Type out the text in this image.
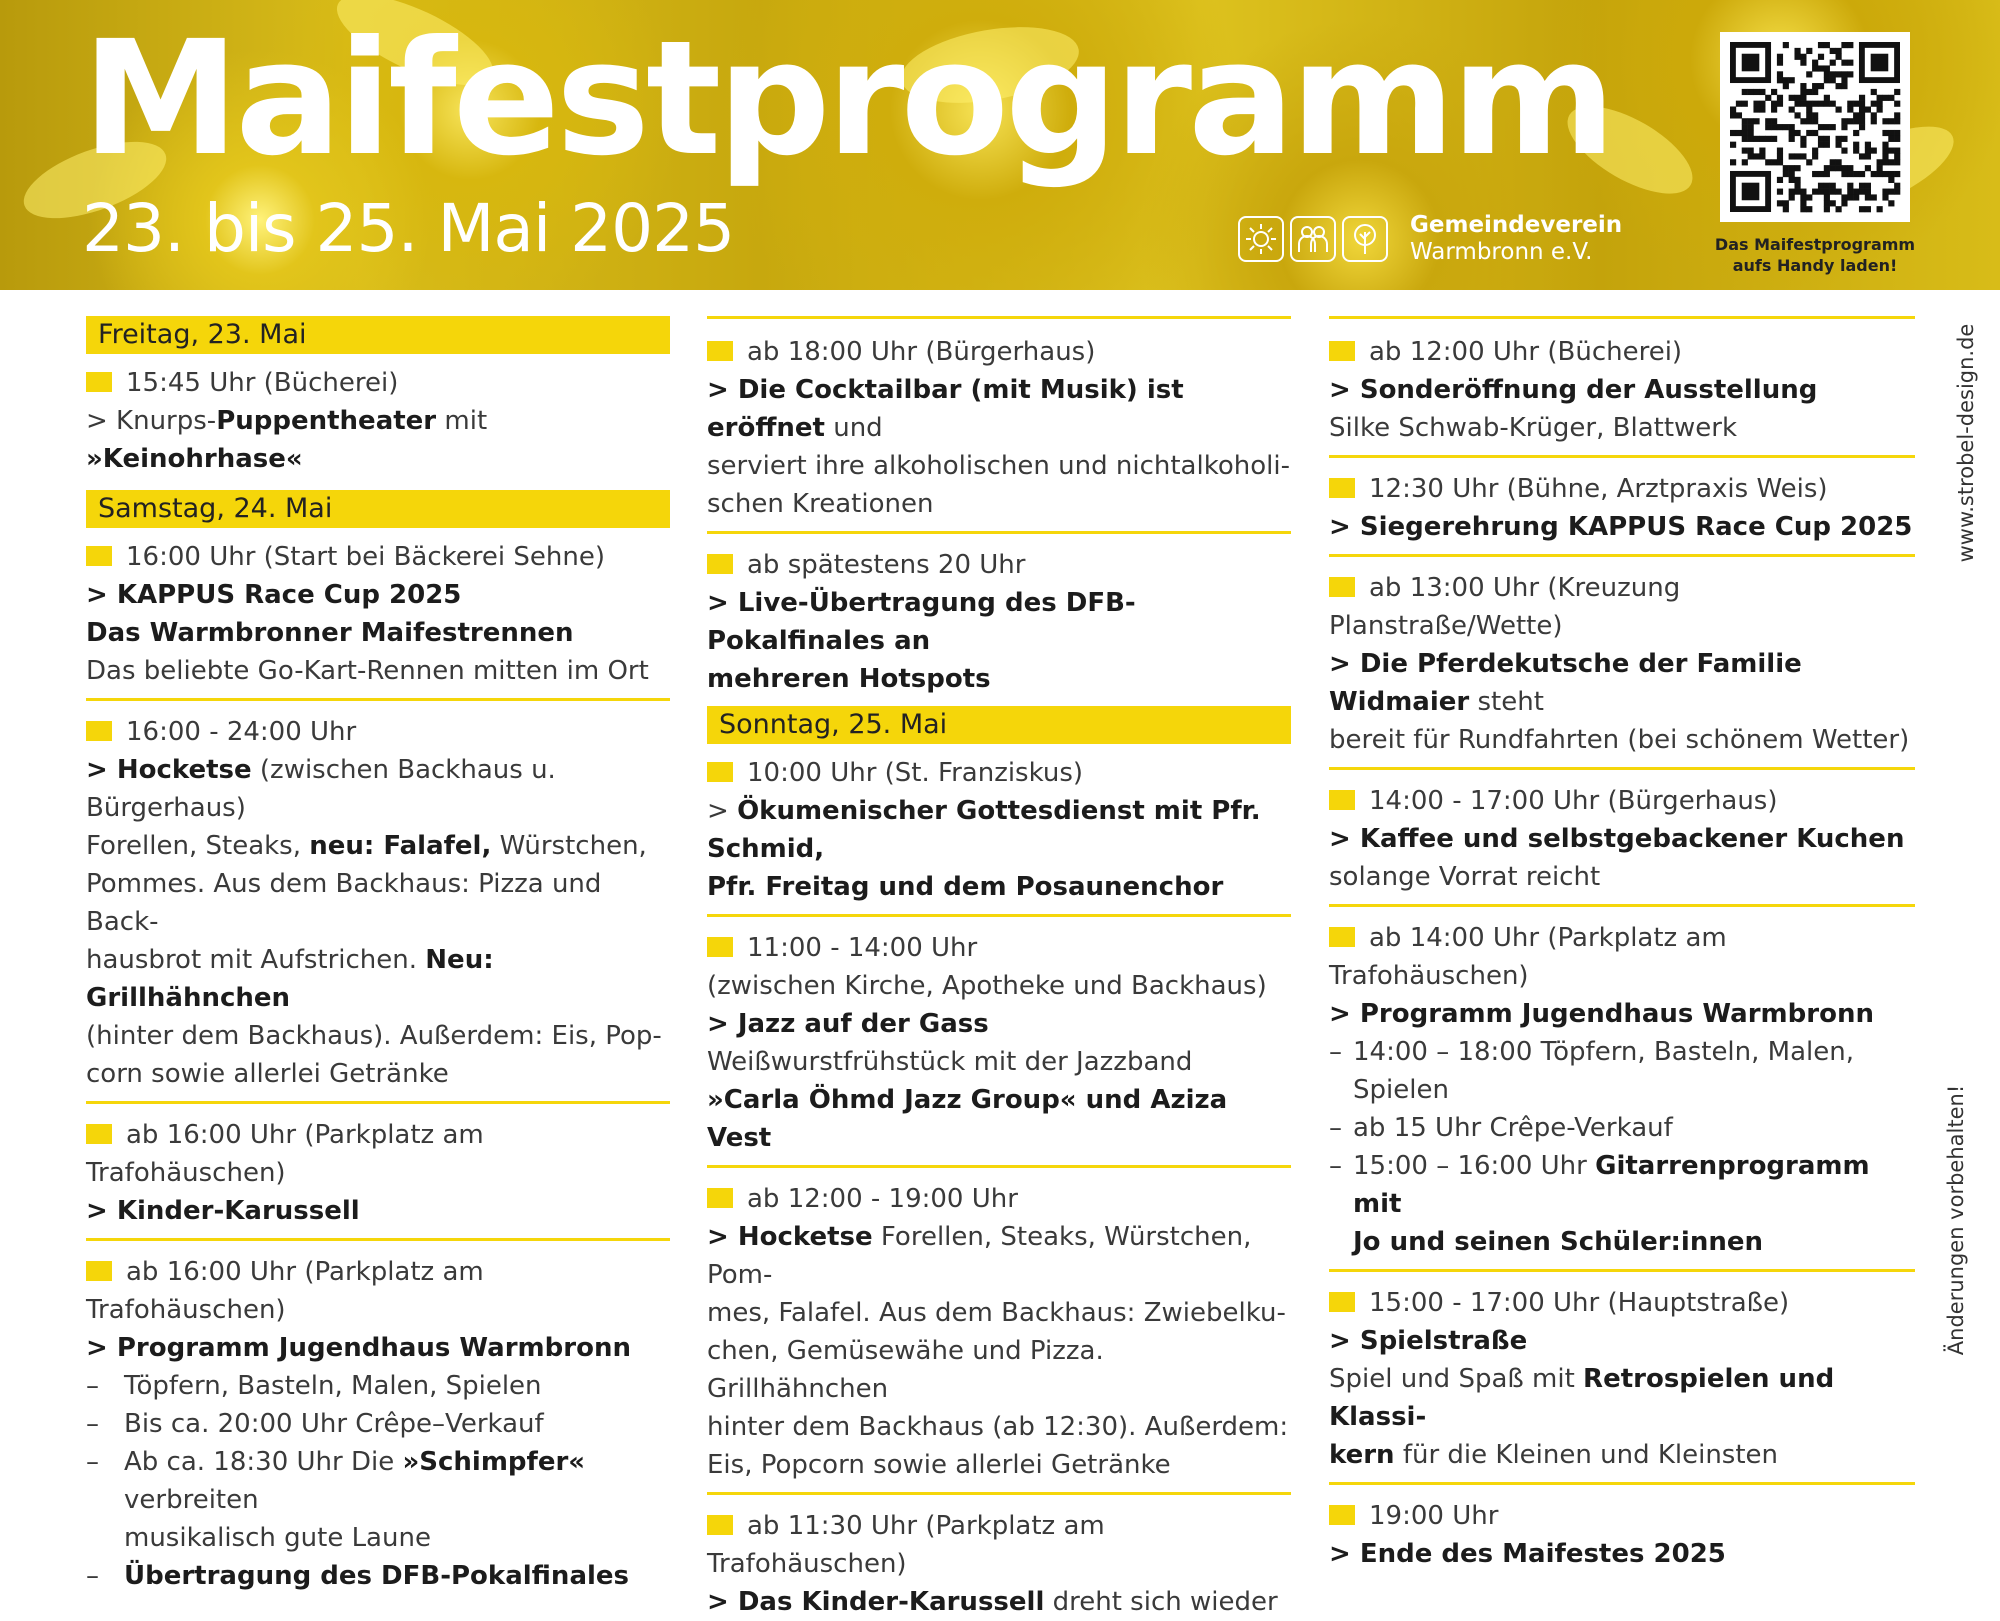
Maifestprogramm
23. bis 25. Mai 2025	Gemeindeverein
Warmbronn e.V.	Das Maifestprogramm
aufs Handy laden!
Freitag, 23. Mai
15:45 Uhr (Bücherei)
> Knurps-Puppentheater mit »Keinohrhase«
Samstag, 24. Mai
16:00 Uhr (Start bei Bäckerei Sehne)
> KAPPUS Race Cup 2025
Das Warmbronner Maifestrennen
Das beliebte Go-Kart-Rennen mitten im Ort
16:00 - 24:00 Uhr
> Hocketse (zwischen Backhaus u. Bürgerhaus)
Forellen, Steaks, neu: Falafel, Würstchen,
Pommes. Aus dem Backhaus: Pizza und Back-
hausbrot mit Aufstrichen. Neu: Grillhähnchen
(hinter dem Backhaus). Außerdem: Eis, Pop-
corn sowie allerlei Getränke
ab 16:00 Uhr (Parkplatz am Trafohäuschen)
> Kinder-Karussell
ab 16:00 Uhr (Parkplatz am Trafohäuschen)
> Programm Jugendhaus Warmbronn
– Töpfern, Basteln, Malen, Spielen
– Bis ca. 20:00 Uhr Crêpe–Verkauf
– Ab ca. 18:30 Uhr Die »Schimpfer« verbreiten
musikalisch gute Laune
– Übertragung des DFB-Pokalfinales
ab 18:00 Uhr (Bürgerhaus)
> Die Cocktailbar (mit Musik) ist eröffnet und
serviert ihre alkoholischen und nichtalkoholi-
schen Kreationen
ab spätestens 20 Uhr
> Live-Übertragung des DFB-Pokalfinales an
mehreren Hotspots
Sonntag, 25. Mai
10:00 Uhr (St. Franziskus)
> Ökumenischer Gottesdienst mit Pfr. Schmid,
Pfr. Freitag und dem Posaunenchor
11:00 - 14:00 Uhr
(zwischen Kirche, Apotheke und Backhaus)
> Jazz auf der Gass
Weißwurstfrühstück mit der Jazzband
»Carla Öhmd Jazz Group« und Aziza Vest
ab 12:00 - 19:00 Uhr
> Hocketse Forellen, Steaks, Würstchen, Pom-
mes, Falafel. Aus dem Backhaus: Zwiebelku-
chen, Gemüsewähe und Pizza. Grillhähnchen
hinter dem Backhaus (ab 12:30). Außerdem:
Eis, Popcorn sowie allerlei Getränke
ab 11:30 Uhr (Parkplatz am Trafohäuschen)
> Das Kinder-Karussell dreht sich wieder
ab 12:00 Uhr (Bücherei)
> Sonderöffnung der Ausstellung
Silke Schwab-Krüger, Blattwerk
12:30 Uhr (Bühne, Arztpraxis Weis)
> Siegerehrung KAPPUS Race Cup 2025
ab 13:00 Uhr (Kreuzung Planstraße/Wette)
> Die Pferdekutsche der Familie Widmaier steht
bereit für Rundfahrten (bei schönem Wetter)
14:00 - 17:00 Uhr (Bürgerhaus)
> Kaffee und selbstgebackener Kuchen
solange Vorrat reicht
ab 14:00 Uhr (Parkplatz am Trafohäuschen)
> Programm Jugendhaus Warmbronn
– 14:00 – 18:00 Töpfern, Basteln, Malen, Spielen
– ab 15 Uhr Crêpe-Verkauf
– 15:00 – 16:00 Uhr Gitarrenprogramm mit
Jo und seinen Schüler:innen
15:00 - 17:00 Uhr (Hauptstraße)
> Spielstraße
Spiel und Spaß mit Retrospielen und Klassi-
kern für die Kleinen und Kleinsten
19:00 Uhr
> Ende des Maifestes 2025
www.strobel-design.de
Änderungen vorbehalten!
